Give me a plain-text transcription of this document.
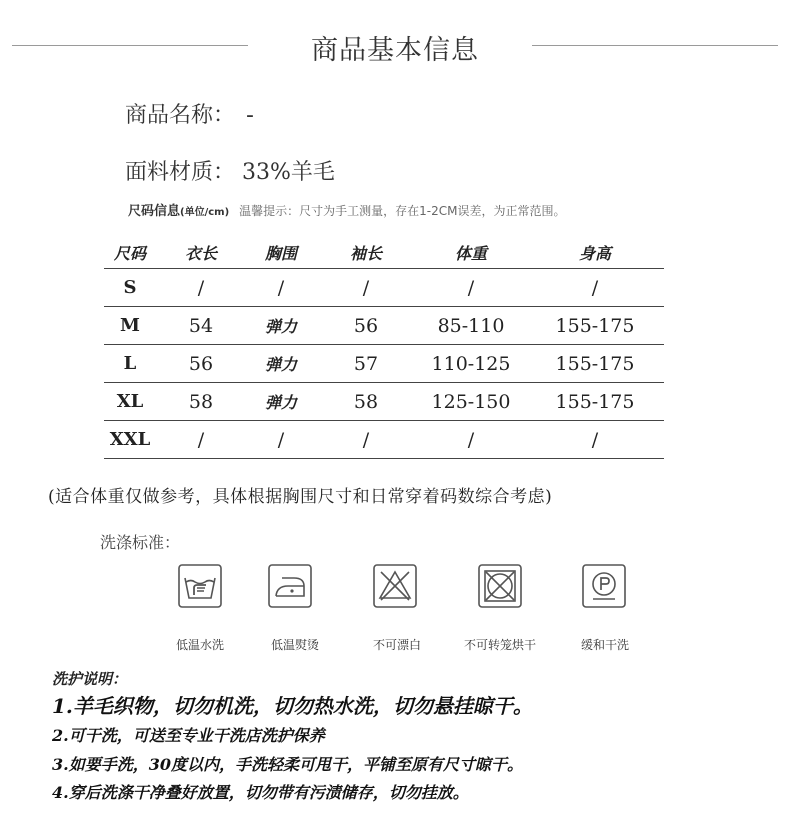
商品基本信息
商品名称： -
面料材质： 33%羊毛
尺码信息(单位/cm) 温馨提示：尺寸为手工测量，存在1-2CM误差，为正常范围。
尺码	衣长	胸围	袖长	体重	身高
S	/	/	/	/	/
M	54	弹力	56	85-110	155-175
L	56	弹力	57	110-125	155-175
XL	58	弹力	58	125-150	155-175
XXL	/	/	/	/	/
(适合体重仅做参考，具体根据胸围尺寸和日常穿着码数综合考虑)
洗涤标准：
低温水洗	低温熨烫	不可漂白	不可转笼烘干	缓和干洗
洗护说明：
1.羊毛织物，切勿机洗，切勿热水洗，切勿悬挂晾干。
2.可干洗，可送至专业干洗店洗护保养
3.如要手洗，30度以内，手洗轻柔可甩干，平铺至原有尺寸晾干。
4.穿后洗涤干净叠好放置，切勿带有污渍储存，切勿挂放。
